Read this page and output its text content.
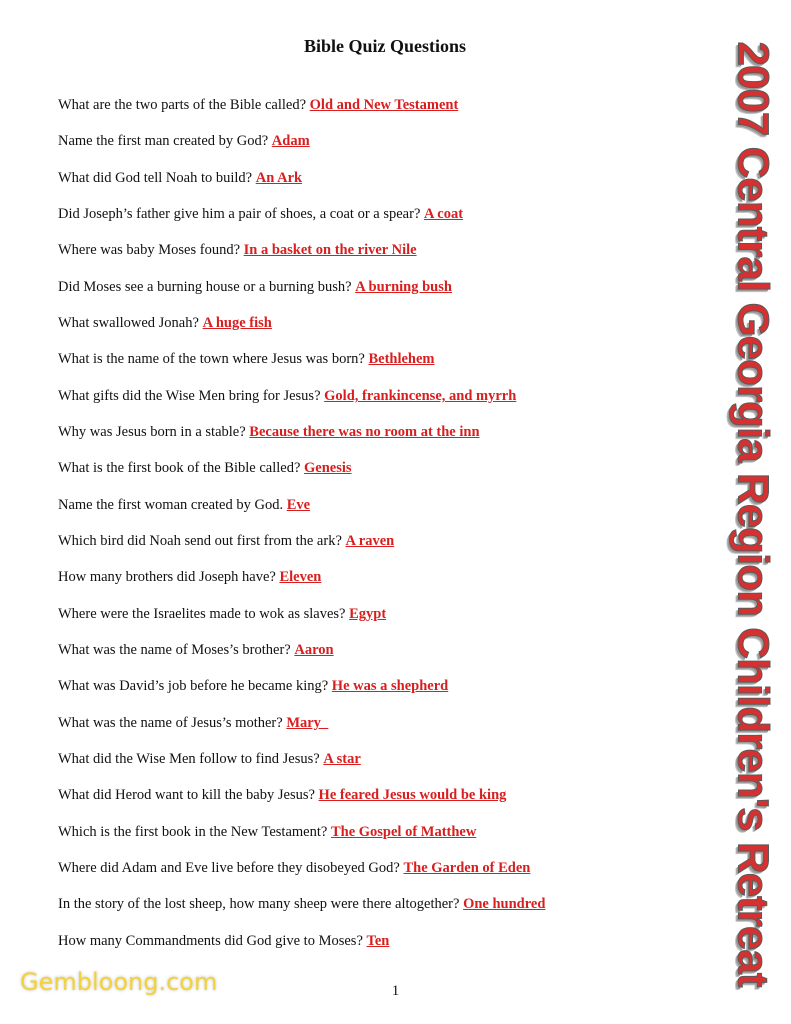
Bible Quiz Questions
What are the two parts of the Bible called? Old and New Testament
Name the first man created by God? Adam
What did God tell Noah to build? An Ark
Did Joseph’s father give him a pair of shoes, a coat or a spear? A coat
Where was baby Moses found? In a basket on the river Nile
Did Moses see a burning house or a burning bush? A burning bush
What swallowed Jonah? A huge fish
What is the name of the town where Jesus was born? Bethlehem
What gifts did the Wise Men bring for Jesus? Gold, frankincense, and myrrh
Why was Jesus born in a stable? Because there was no room at the inn
What is the first book of the Bible called? Genesis
Name the first woman created by God. Eve
Which bird did Noah send out first from the ark? A raven
How many brothers did Joseph have? Eleven
Where were the Israelites made to wok as slaves? Egypt
What was the name of Moses’s brother? Aaron
What was David’s job before he became king? He was a shepherd
What was the name of Jesus’s mother? Mary_
What did the Wise Men follow to find Jesus? A star
What did Herod want to kill the baby Jesus? He feared Jesus would be king
Which is the first book in the New Testament? The Gospel of Matthew
Where did Adam and Eve live before they disobeyed God? The Garden of Eden
In the story of the lost sheep, how many sheep were there altogether? One hundred
How many Commandments did God give to Moses? Ten	2007 Central Georgia Region Children's Retreat
Gembloong.com	1
